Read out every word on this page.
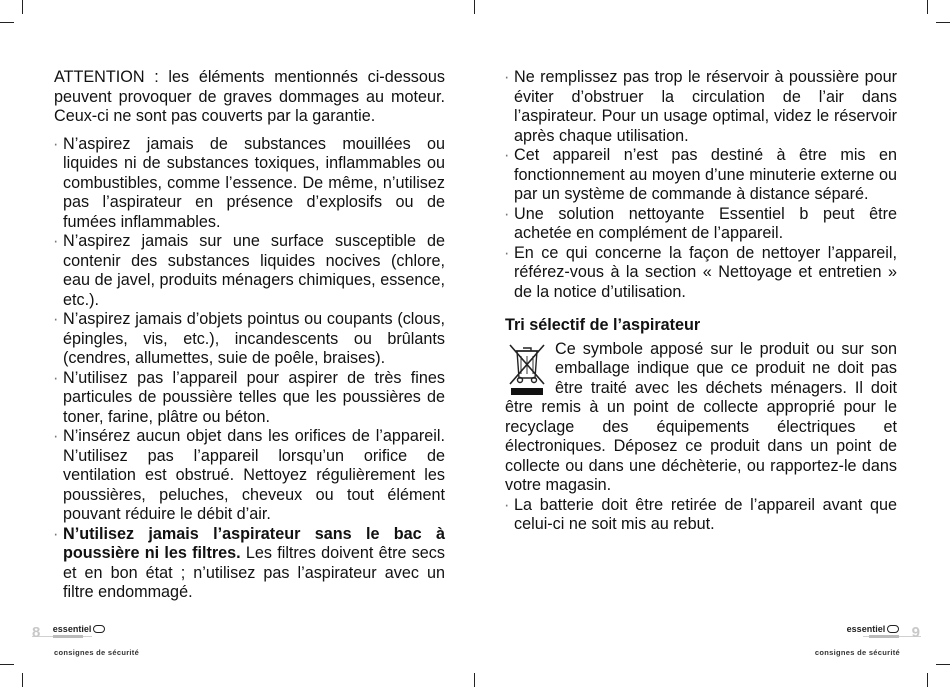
ATTENTION : les éléments mentionnés ci-dessous peuvent provoquer de graves dommages au moteur. Ceux-ci ne sont pas couverts par la garantie.

· N’aspirez jamais de substances mouillées ou liquides ni de substances toxiques, inflammables ou combustibles, comme l’essence. De même, n’utilisez pas l’aspirateur en présence d’explosifs ou de fumées inflammables.
· N’aspirez jamais sur une surface susceptible de contenir des substances liquides nocives (chlore, eau de javel, produits ménagers chimiques, essence, etc.).
· N’aspirez jamais d’objets pointus ou coupants (clous, épingles, vis, etc.), incandescents ou brûlants (cendres, allumettes, suie de poêle, braises).
· N’utilisez pas l’appareil pour aspirer de très fines particules de poussière telles que les poussières de toner, farine, plâtre ou béton.
· N’insérez aucun objet dans les orifices de l’appareil. N’utilisez pas l’appareil lorsqu’un orifice de ventilation est obstrué. Nettoyez régulièrement les poussières, peluches, cheveux ou tout élément pouvant réduire le débit d’air.
· N’utilisez jamais l’aspirateur sans le bac à poussière ni les filtres. Les filtres doivent être secs et en bon état ; n’utilisez pas l’aspirateur avec un filtre endommagé.
8 essentiel
consignes de sécurité
· Ne remplissez pas trop le réservoir à poussière pour éviter d’obstruer la circulation de l’air dans l’aspirateur. Pour un usage optimal, videz le réservoir après chaque utilisation.
· Cet appareil n’est pas destiné à être mis en fonctionnement au moyen d’une minuterie externe ou par un système de commande à distance séparé.
· Une solution nettoyante Essentiel b peut être achetée en complément de l’appareil.
· En ce qui concerne la façon de nettoyer l’appareil, référez-vous à la section « Nettoyage et entretien » de la notice d’utilisation.
Tri sélectif de l’aspirateur

Ce symbole apposé sur le produit ou sur son emballage indique que ce produit ne doit pas être traité avec les déchets ménagers. Il doit être remis à un point de collecte approprié pour le recyclage des équipements électriques et électroniques. Déposez ce produit dans un point de collecte ou dans une déchèterie, ou rapportez-le dans votre magasin.

· La batterie doit être retirée de l’appareil avant que celui-ci ne soit mis au rebut.
essentiel 9
consignes de sécurité
